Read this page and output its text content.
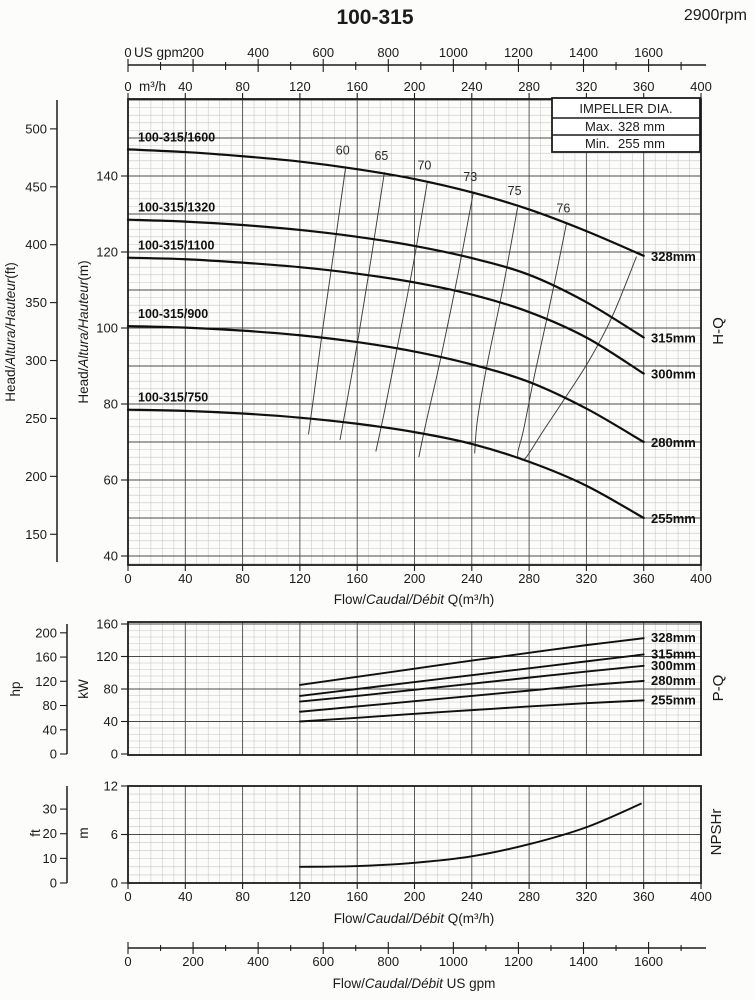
0	200	400	600	800	1000	1200	1400	1600
0	40	80	120	160	200	240	280	320	360	400
0	40	80	120	160	200	240	280	320	360	400
40
60
80
100
120
140
150
200
250
300
350
400
450
500
0
40
80
120
160
0
40
80
120
160
200
0
6
12
0
10
20
30
0	40	80	120	160	200	240	280	320	360	400
0	200	400	600	800	1000	1200	1400	1600
60 65
70
73
75
76
100-315/1600
328mm
100-315/1320
315mm
100-315/1100
300mm
100-315/900
280mm
100-315/750
255mm
328mm
315mm
300mm
280mm
255mm
100-315	2900rpm
US gpm
m³/h
IMPELLER DIA.
Max. 328 mm
Min. 255 mm
Head/Altura/Hauteur(ft)
Head/Altura/Hauteur(m)
hp	kW
ft m
H-Q
P-Q
NPSHr
Flow/Caudal/Débit Q(m³/h)
Flow/Caudal/Débit Q(m³/h)
Flow/Caudal/Débit US gpm
